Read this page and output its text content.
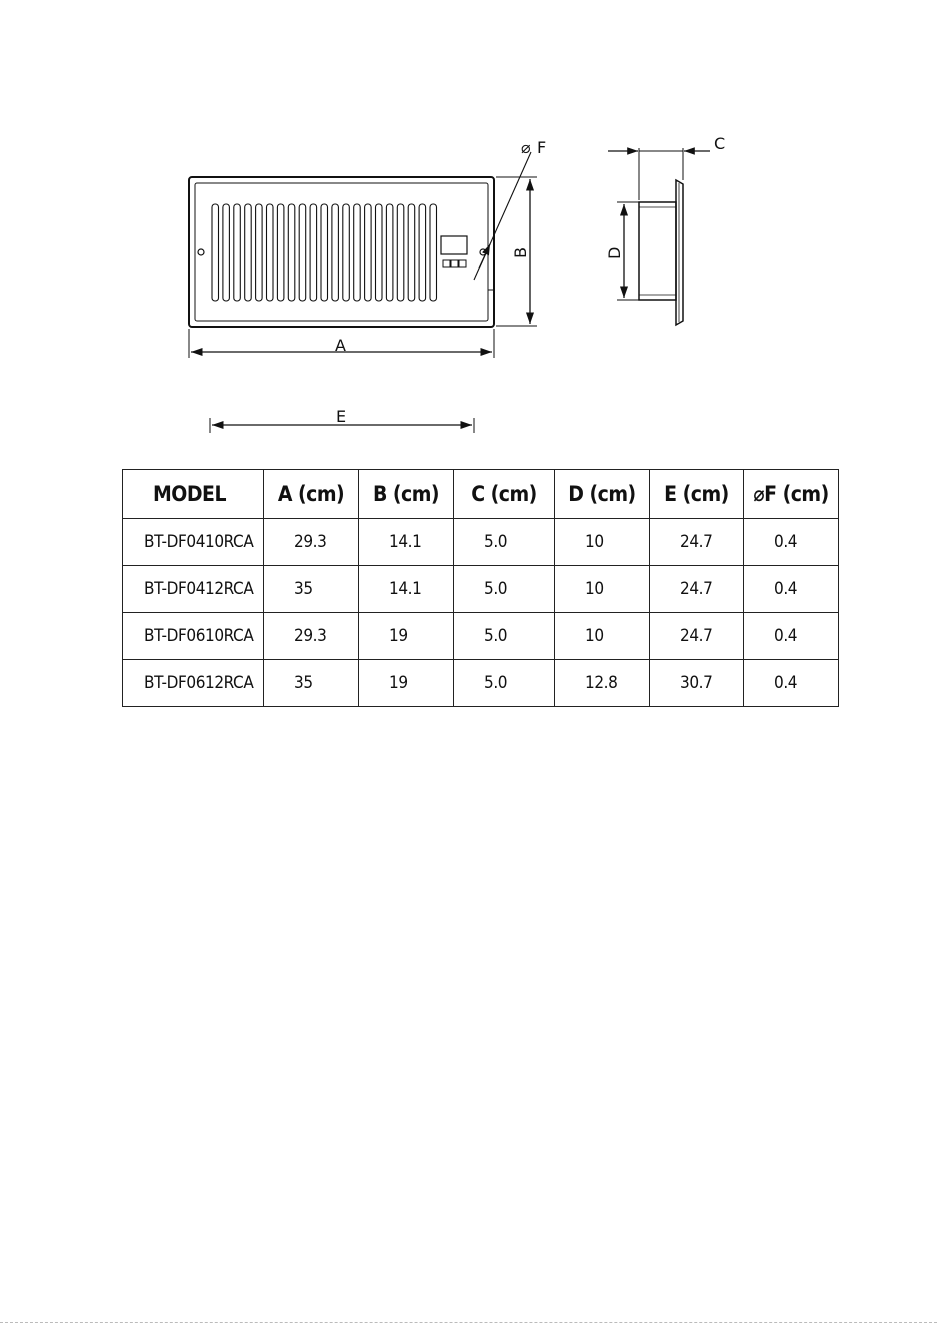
A
B
⌀ F	C
D
E
MODEL	A (cm)	B (cm)	C (cm)	D (cm)	E (cm)	⌀F (cm)
BT-DF0410RCA	29.3	14.1	5.0	10	24.7	0.4
BT-DF0412RCA	35	14.1	5.0	10	24.7	0.4
BT-DF0610RCA	29.3	19	5.0	10	24.7	0.4
BT-DF0612RCA	35	19	5.0	12.8	30.7	0.4
